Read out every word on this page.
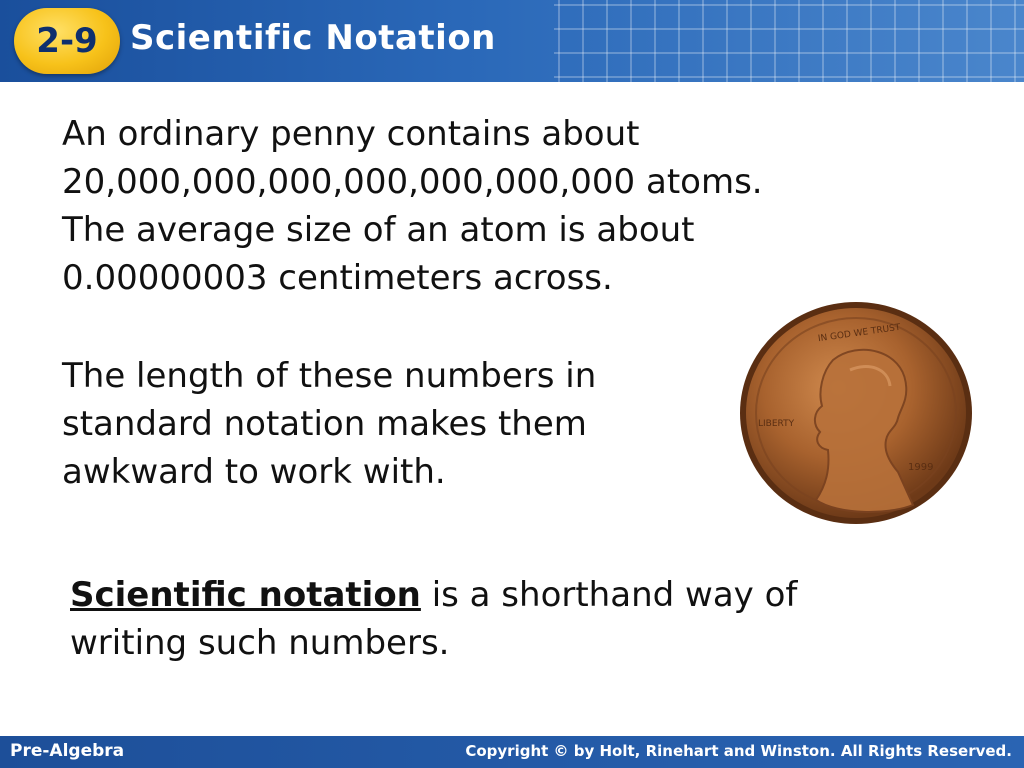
2-9 Scientific Notation
An ordinary penny contains about
20,000,000,000,000,000,000,000 atoms.
The average size of an atom is about
0.00000003 centimeters across.
The length of these numbers in
standard notation makes them
awkward to work with.
IN GOD WE TRUST
LIBERTY
1999
Scientific notation is a shorthand way of
writing such numbers.
Pre-Algebra	Copyright © by Holt, Rinehart and Winston. All Rights Reserved.
